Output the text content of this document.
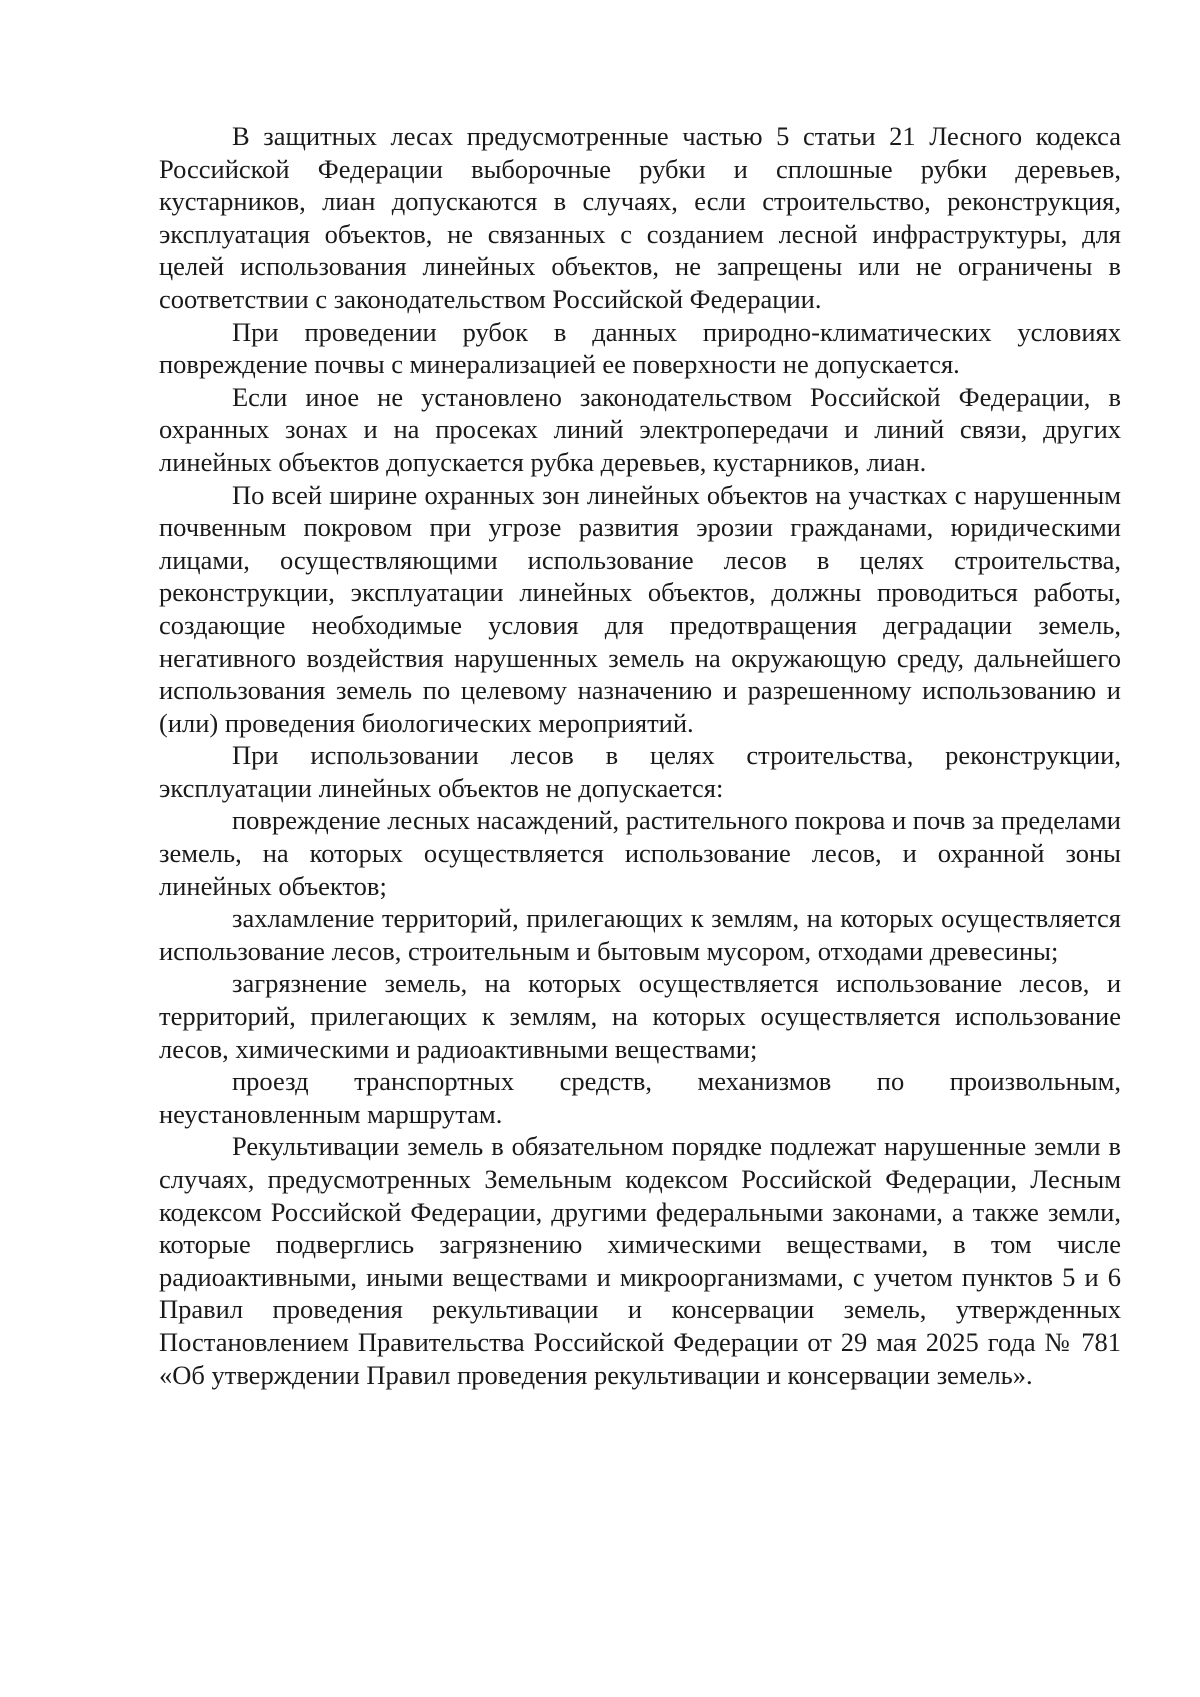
В защитных лесах предусмотренные частью 5 статьи 21 Лесного кодекса Российской Федерации выборочные рубки и сплошные рубки деревьев, кустарников, лиан допускаются в случаях, если строительство, реконструкция, эксплуатация объектов, не связанных с созданием лесной инфраструктуры, для целей использования линейных объектов, не запрещены или не ограничены в соответствии с законодательством Российской Федерации.

При проведении рубок в данных природно-климатических условиях повреждение почвы с минерализацией ее поверхности не допускается.

Если иное не установлено законодательством Российской Федерации, в охранных зонах и на просеках линий электропередачи и линий связи, других линейных объектов допускается рубка деревьев, кустарников, лиан.

По всей ширине охранных зон линейных объектов на участках с нарушенным почвенным покровом при угрозе развития эрозии гражданами, юридическими лицами, осуществляющими использование лесов в целях строительства, реконструкции, эксплуатации линейных объектов, должны проводиться работы, создающие необходимые условия для предотвращения деградации земель, негативного воздействия нарушенных земель на окружающую среду, дальнейшего использования земель по целевому назначению и разрешенному использованию и (или) проведения биологических мероприятий.

При использовании лесов в целях строительства, реконструкции, эксплуатации линейных объектов не допускается:

повреждение лесных насаждений, растительного покрова и почв за пределами земель, на которых осуществляется использование лесов, и охранной зоны линейных объектов;

захламление территорий, прилегающих к землям, на которых осуществляется использование лесов, строительным и бытовым мусором, отходами древесины;

загрязнение земель, на которых осуществляется использование лесов, и территорий, прилегающих к землям, на которых осуществляется использование лесов, химическими и радиоактивными веществами;

проезд транспортных средств, механизмов по произвольным, неустановленным маршрутам.

Рекультивации земель в обязательном порядке подлежат нарушенные земли в случаях, предусмотренных Земельным кодексом Российской Федерации, Лесным кодексом Российской Федерации, другими федеральными законами, а также земли, которые подверглись загрязнению химическими веществами, в том числе радиоактивными, иными веществами и микроорганизмами, с учетом пунктов 5 и 6 Правил проведения рекультивации и консервации земель, утвержденных Постановлением Правительства Российской Федерации от 29 мая 2025 года № 781 «Об утверждении Правил проведения рекультивации и консервации земель».
